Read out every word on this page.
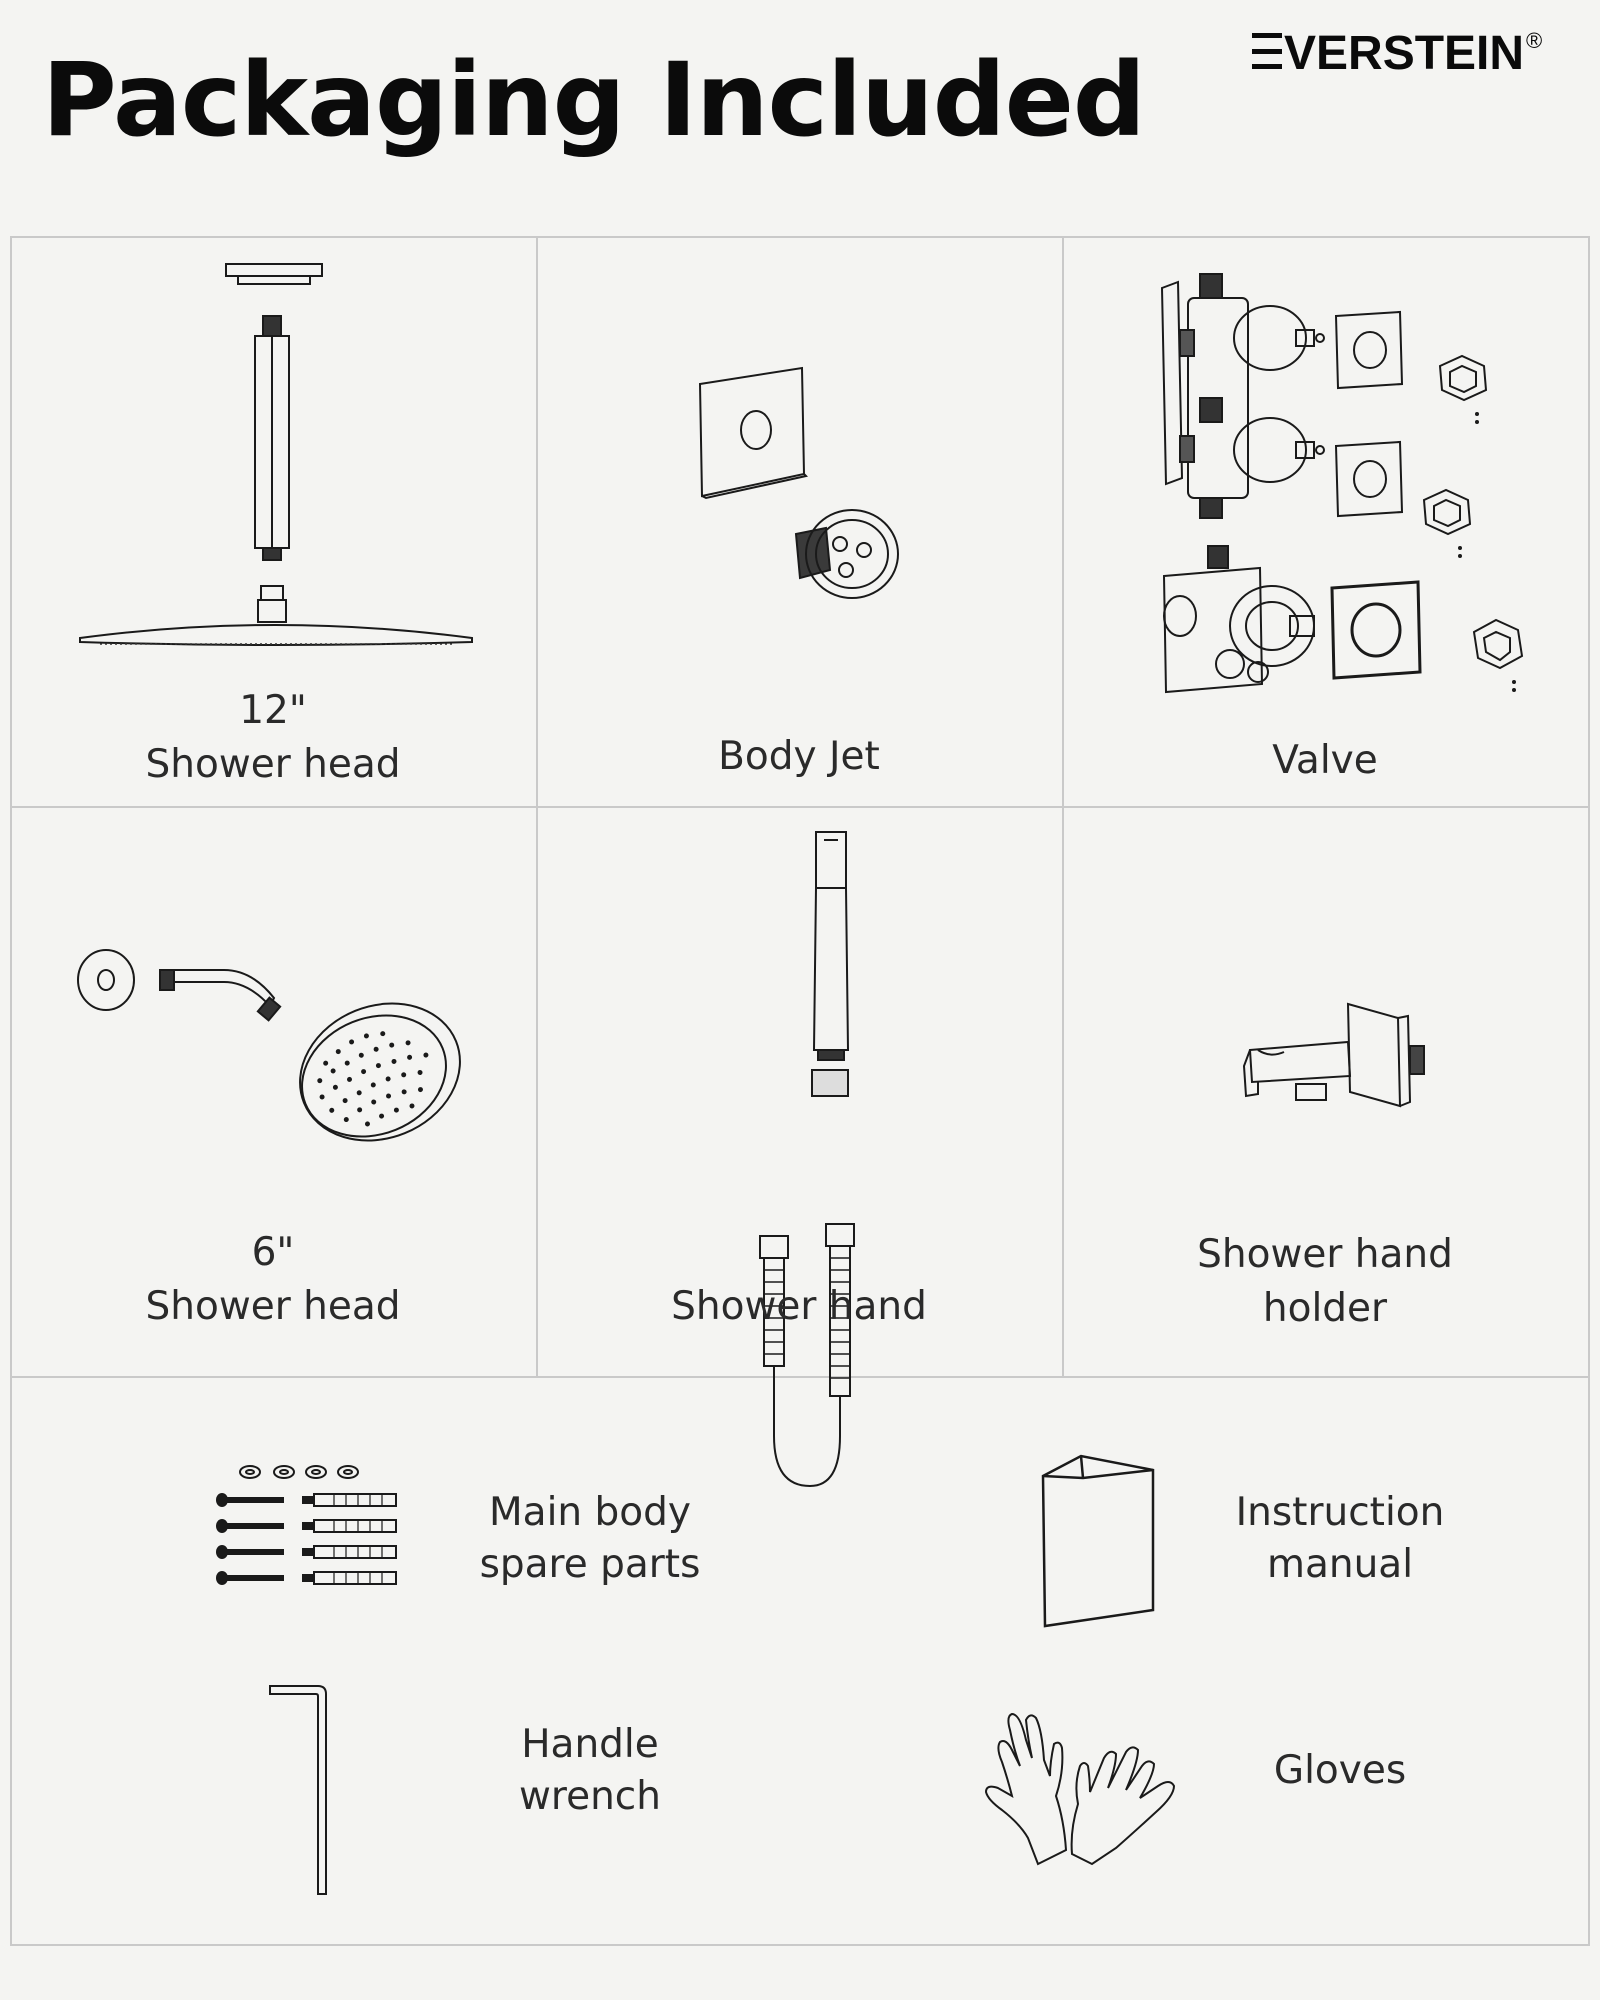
Packaging Included	VERSTEIN ®
12"
Shower head	Body Jet	Valve
6"
Shower head	Shower hand
Shower hand
holder
Main body
spare parts
Instruction
manual
Handle
wrench
Gloves
